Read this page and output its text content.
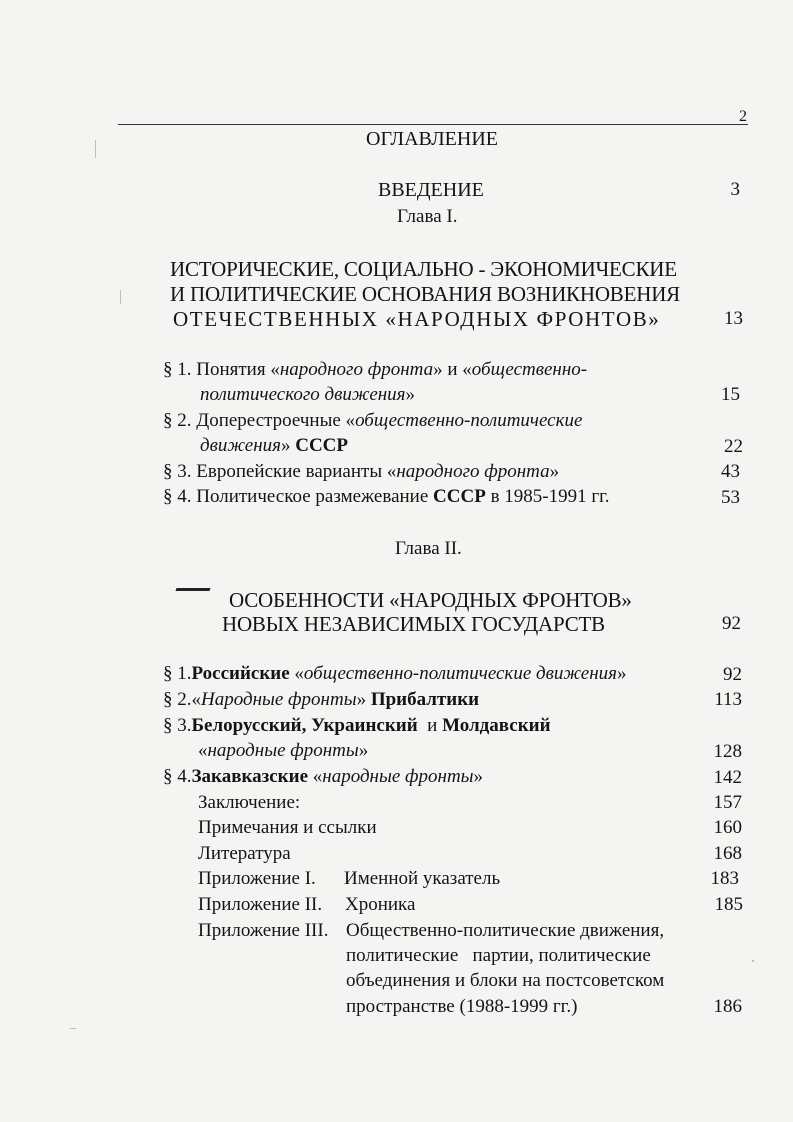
2
ОГЛАВЛЕНИЕ
ВВЕДЕНИЕ	3
Глава I.
ИСТОРИЧЕСКИЕ, СОЦИАЛЬНО - ЭКОНОМИЧЕСКИЕ
И ПОЛИТИЧЕСКИЕ ОСНОВАНИЯ ВОЗНИКНОВЕНИЯ
ОТЕЧЕСТВЕННЫХ «НАРОДНЫХ ФРОНТОВ»	13
§ 1. Понятия «народного фронта» и «общественно-
политического движения»	15
§ 2. Доперестроечные «общественно-политические
движения» СССР	22
§ 3. Европейские варианты «народного фронта»	43
§ 4. Политическое размежевание СССР в 1985-1991 гг.	53
Глава II.
ОСОБЕННОСТИ «НАРОДНЫХ ФРОНТОВ»
НОВЫХ НЕЗАВИСИМЫХ ГОСУДАРСТВ	92
§ 1.Российские «общественно-политические движения»	92
§ 2.«Народные фронты» Прибалтики	113
§ 3.Белорусский, Украинский  и Молдавский
«народные фронты»	128
§ 4.Закавказские «народные фронты»	142
Заключение:	157
Примечания и ссылки	160
Литература	168
Приложение I. Именной указатель	183
Приложение II. Хроника	185
Приложение III. Общественно-политические движения,
политические   партии, политические
объединения и блоки на постсоветском
пространстве (1988-1999 гг.)	186
